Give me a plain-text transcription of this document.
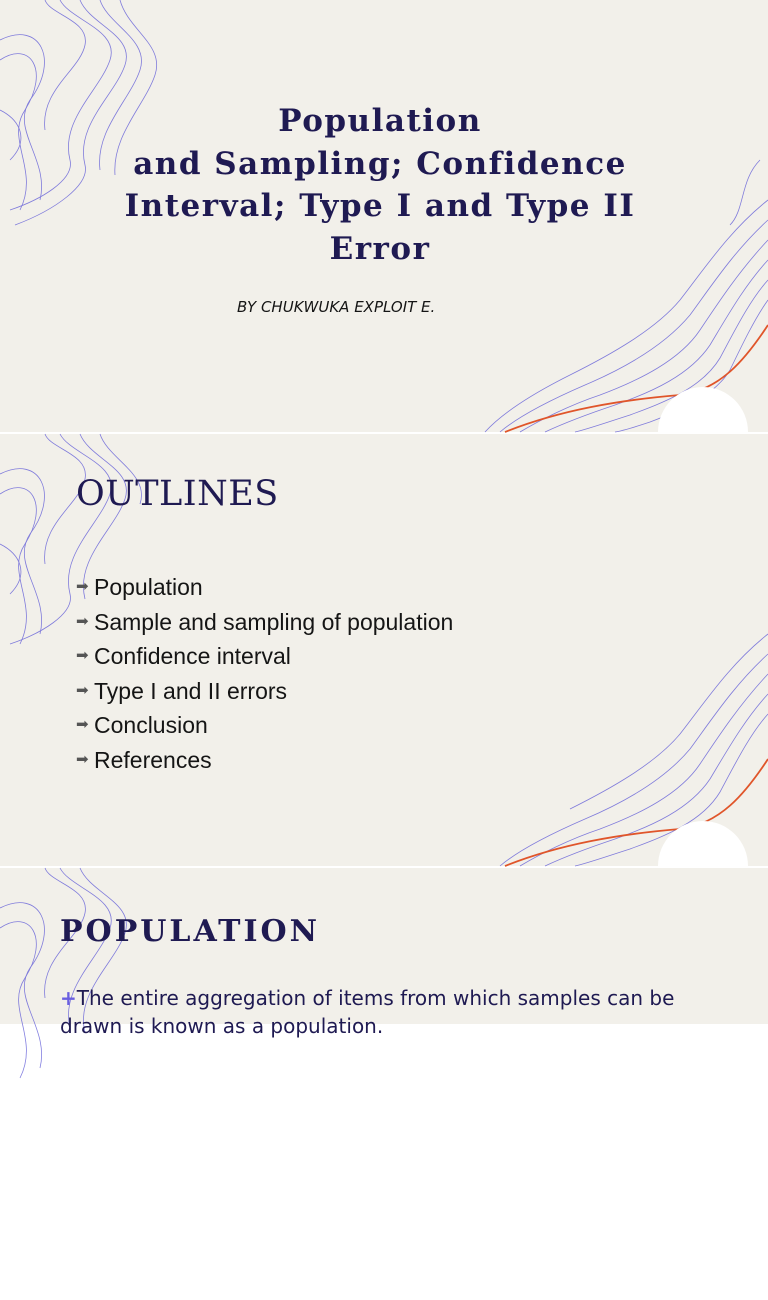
Population
and Sampling; Confidence
Interval; Type I and Type II
Error

BY CHUKWUKA EXPLOIT E.

OUTLINES
➡ Population
➡ Sample and sampling of population
➡ Confidence interval
➡ Type I and II errors
➡ Conclusion
➡ References
POPULATION

+The entire aggregation of items from which samples can be drawn is known as a population.
